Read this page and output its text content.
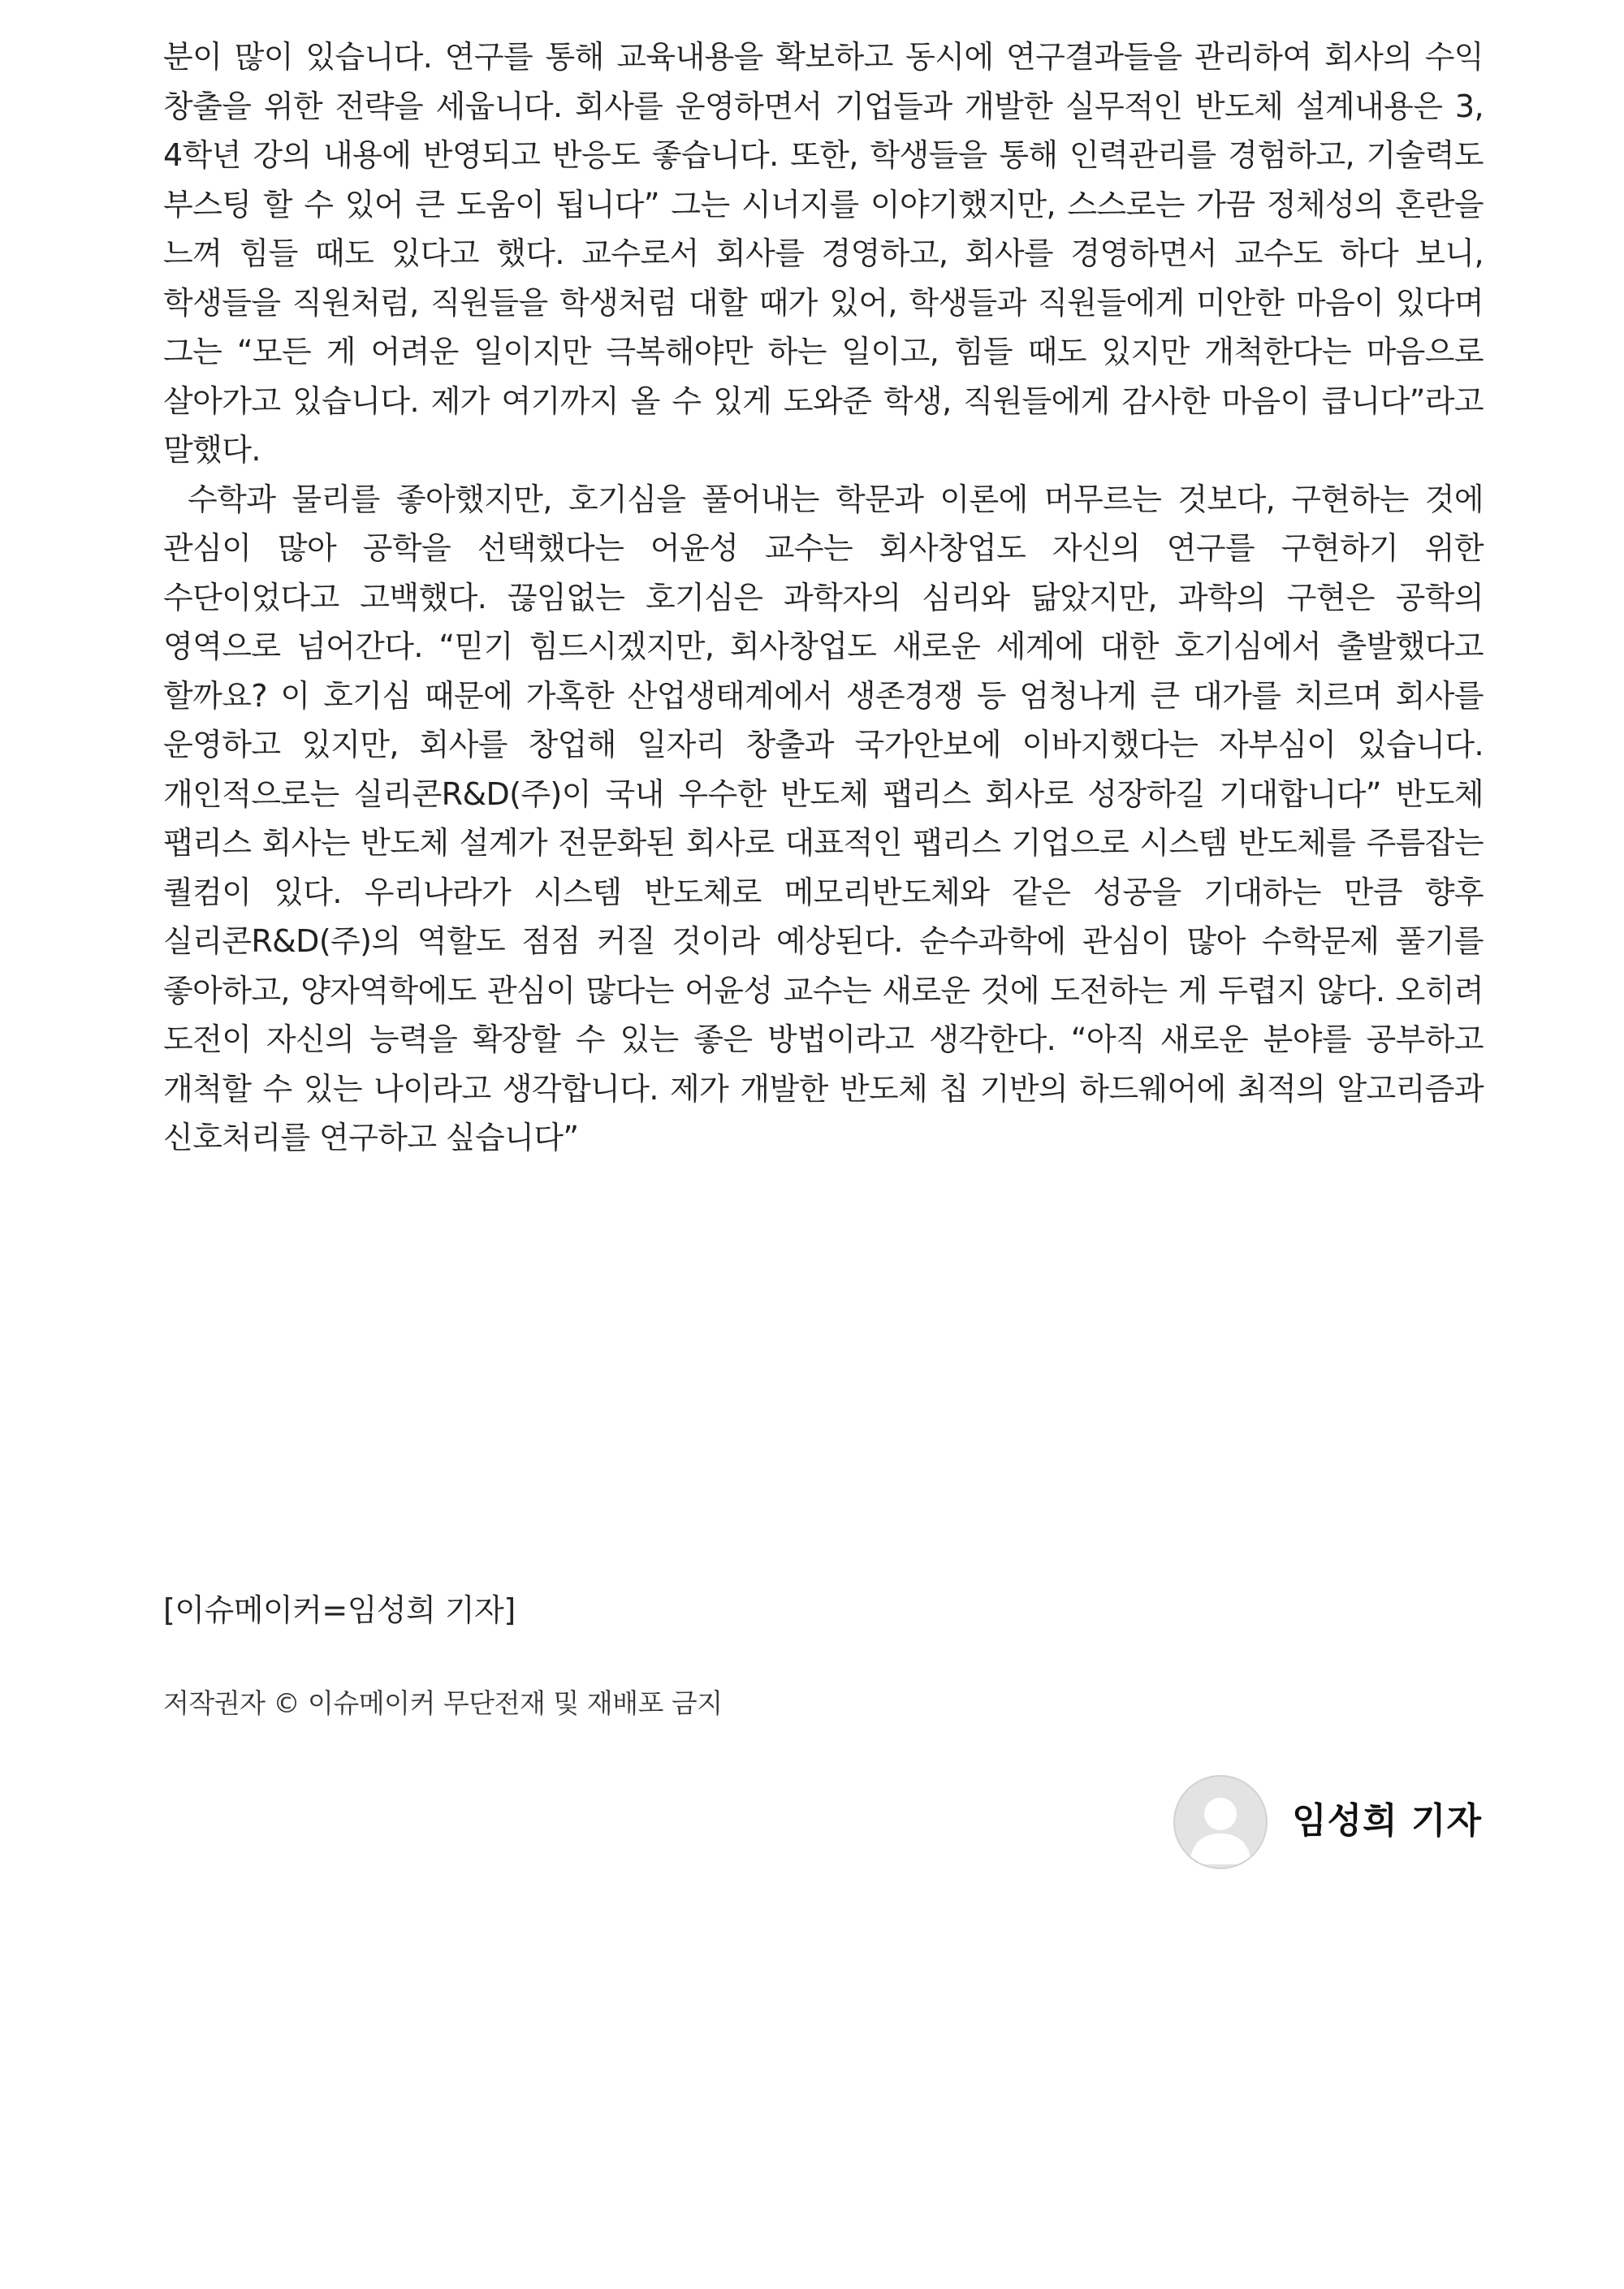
분이 많이 있습니다. 연구를 통해 교육내용을 확보하고 동시에 연구결과들을 관리하여 회사의 수익 창출을 위한 전략을 세웁니다. 회사를 운영하면서 기업들과 개발한 실무적인 반도체 설계내용은 3, 4학년 강의 내용에 반영되고 반응도 좋습니다. 또한, 학생들을 통해 인력관리를 경험하고, 기술력도 부스팅 할 수 있어 큰 도움이 됩니다” 그는 시너지를 이야기했지만, 스스로는 가끔 정체성의 혼란을 느껴 힘들 때도 있다고 했다. 교수로서 회사를 경영하고, 회사를 경영하면서 교수도 하다 보니, 학생들을 직원처럼, 직원들을 학생처럼 대할 때가 있어, 학생들과 직원들에게 미안한 마음이 있다며 그는 “모든 게 어려운 일이지만 극복해야만 하는 일이고, 힘들 때도 있지만 개척한다는 마음으로 살아가고 있습니다. 제가 여기까지 올 수 있게 도와준 학생, 직원들에게 감사한 마음이 큽니다”라고 말했다.

수학과 물리를 좋아했지만, 호기심을 풀어내는 학문과 이론에 머무르는 것보다, 구현하는 것에 관심이 많아 공학을 선택했다는 어윤성 교수는 회사창업도 자신의 연구를 구현하기 위한 수단이었다고 고백했다. 끊임없는 호기심은 과학자의 심리와 닮았지만, 과학의 구현은 공학의 영역으로 넘어간다. “믿기 힘드시겠지만, 회사창업도 새로운 세계에 대한 호기심에서 출발했다고 할까요? 이 호기심 때문에 가혹한 산업생태계에서 생존경쟁 등 엄청나게 큰 대가를 치르며 회사를 운영하고 있지만, 회사를 창업해 일자리 창출과 국가안보에 이바지했다는 자부심이 있습니다. 개인적으로는 실리콘R&D(주)이 국내 우수한 반도체 팹리스 회사로 성장하길 기대합니다” 반도체 팹리스 회사는 반도체 설계가 전문화된 회사로 대표적인 팹리스 기업으로 시스템 반도체를 주름잡는 퀄컴이 있다. 우리나라가 시스템 반도체로 메모리반도체와 같은 성공을 기대하는 만큼 향후 실리콘R&D(주)의 역할도 점점 커질 것이라 예상된다. 순수과학에 관심이 많아 수학문제 풀기를 좋아하고, 양자역학에도 관심이 많다는 어윤성 교수는 새로운 것에 도전하는 게 두렵지 않다. 오히려 도전이 자신의 능력을 확장할 수 있는 좋은 방법이라고 생각한다. “아직 새로운 분야를 공부하고 개척할 수 있는 나이라고 생각합니다. 제가 개발한 반도체 칩 기반의 하드웨어에 최적의 알고리즘과 신호처리를 연구하고 싶습니다”

[이슈메이커=임성희 기자]
저작권자 © 이슈메이커 무단전재 및 재배포 금지
임성희 기자
